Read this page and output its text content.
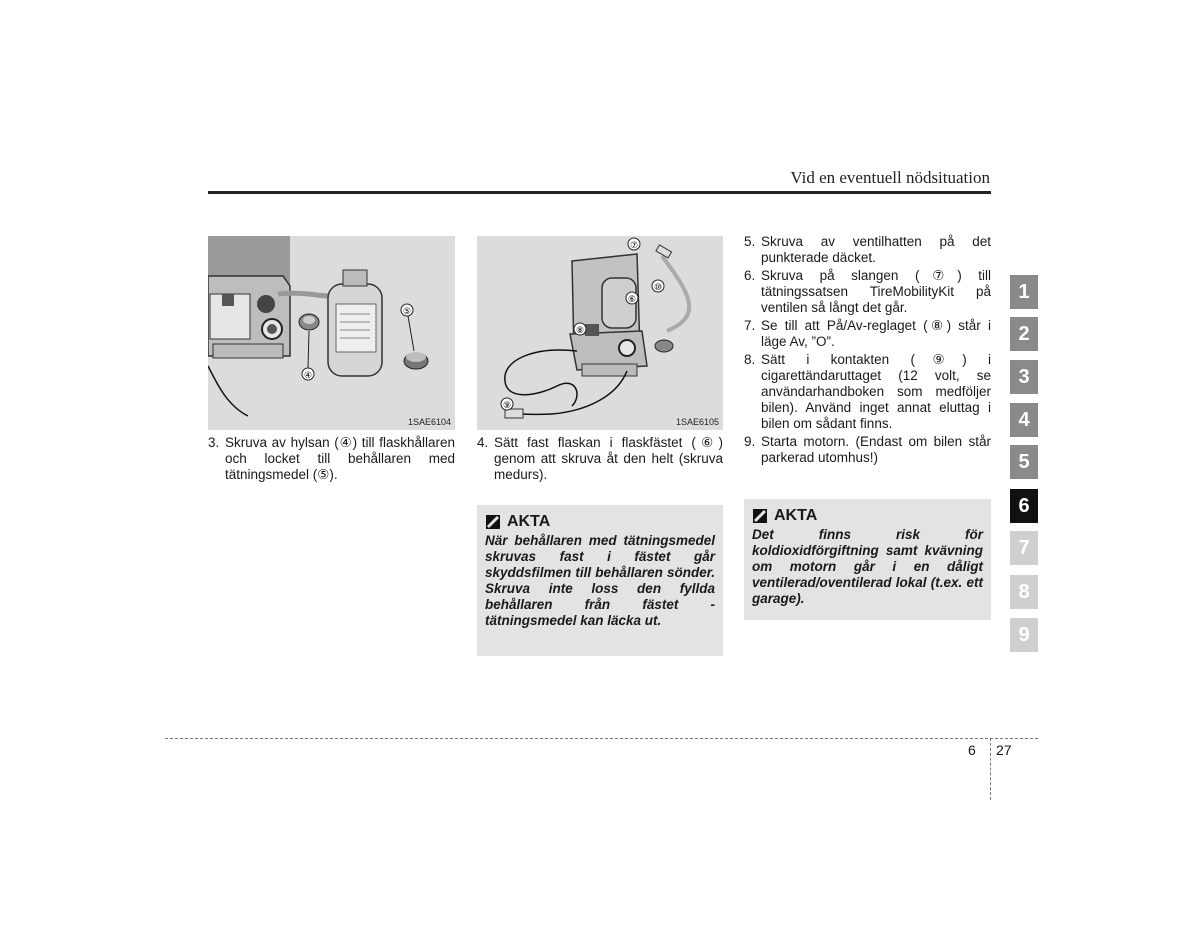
Vid en eventuell nödsituation
⑤
④
1SAE6104
⑦
⑩
⑥
⑧
⑨
1SAE6105
3. Skruva av hylsan (④) till flaskhållaren och locket till behållaren med tätningsmedel (⑤).
4. Sätt fast flaskan i flaskfästet (⑥) genom att skruva åt den helt (skruva medurs).
AKTA
När behållaren med tätningsmedel skruvas fast i fästet går skyddsfilmen till behållaren sönder. Skruva inte loss den fyllda behållaren från fästet - tätningsmedel kan läcka ut.
5. Skruva av ventilhatten på det punkterade däcket.
6. Skruva på slangen (⑦) till tätningssatsen TireMobilityKit på ventilen så långt det går.
7. Se till att På/Av-reglaget (⑧) står i läge Av, ”O”.
8. Sätt i kontakten (⑨) i cigarettändaruttaget (12 volt, se användarhandboken som medföljer bilen). Använd inget annat eluttag i bilen om sådant finns.
9. Starta motorn. (Endast om bilen står parkerad utomhus!)
AKTA
Det finns risk för koldioxidförgiftning samt kvävning om motorn går i en dåligt ventilerad/oventilerad lokal (t.ex. ett garage).
1
2
3
4
5
6
7
8
9
6 27
